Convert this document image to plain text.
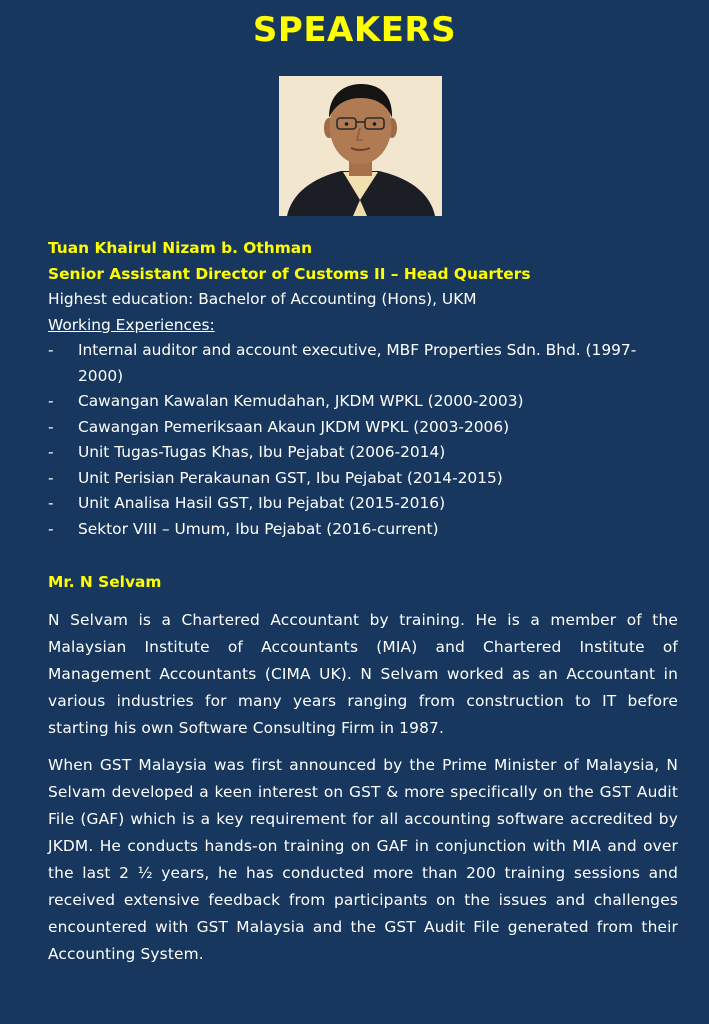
SPEAKERS
Tuan Khairul Nizam b. Othman
Senior Assistant Director of Customs II – Head Quarters
Highest education: Bachelor of Accounting (Hons), UKM
Working Experiences:
- Internal auditor and account executive, MBF Properties Sdn. Bhd. (1997-2000)
- Cawangan Kawalan Kemudahan, JKDM WPKL (2000-2003)
- Cawangan Pemeriksaan Akaun JKDM WPKL (2003-2006)
- Unit Tugas-Tugas Khas, Ibu Pejabat (2006-2014)
- Unit Perisian Perakaunan GST, Ibu Pejabat (2014-2015)
- Unit Analisa Hasil GST, Ibu Pejabat (2015-2016)
- Sektor VIII – Umum, Ibu Pejabat (2016-current)
Mr. N Selvam

N Selvam is a Chartered Accountant by training. He is a member of the Malaysian Institute of Accountants (MIA) and Chartered Institute of Management Accountants (CIMA UK). N Selvam worked as an Accountant in various industries for many years ranging from construction to IT before starting his own Software Consulting Firm in 1987.

When GST Malaysia was first announced by the Prime Minister of Malaysia, N Selvam developed a keen interest on GST & more specifically on the GST Audit File (GAF) which is a key requirement for all accounting software accredited by JKDM. He conducts hands-on training on GAF in conjunction with MIA and over the last 2 ½ years, he has conducted more than 200 training sessions and received extensive feedback from participants on the issues and challenges encountered with GST Malaysia and the GST Audit File generated from their Accounting System.
